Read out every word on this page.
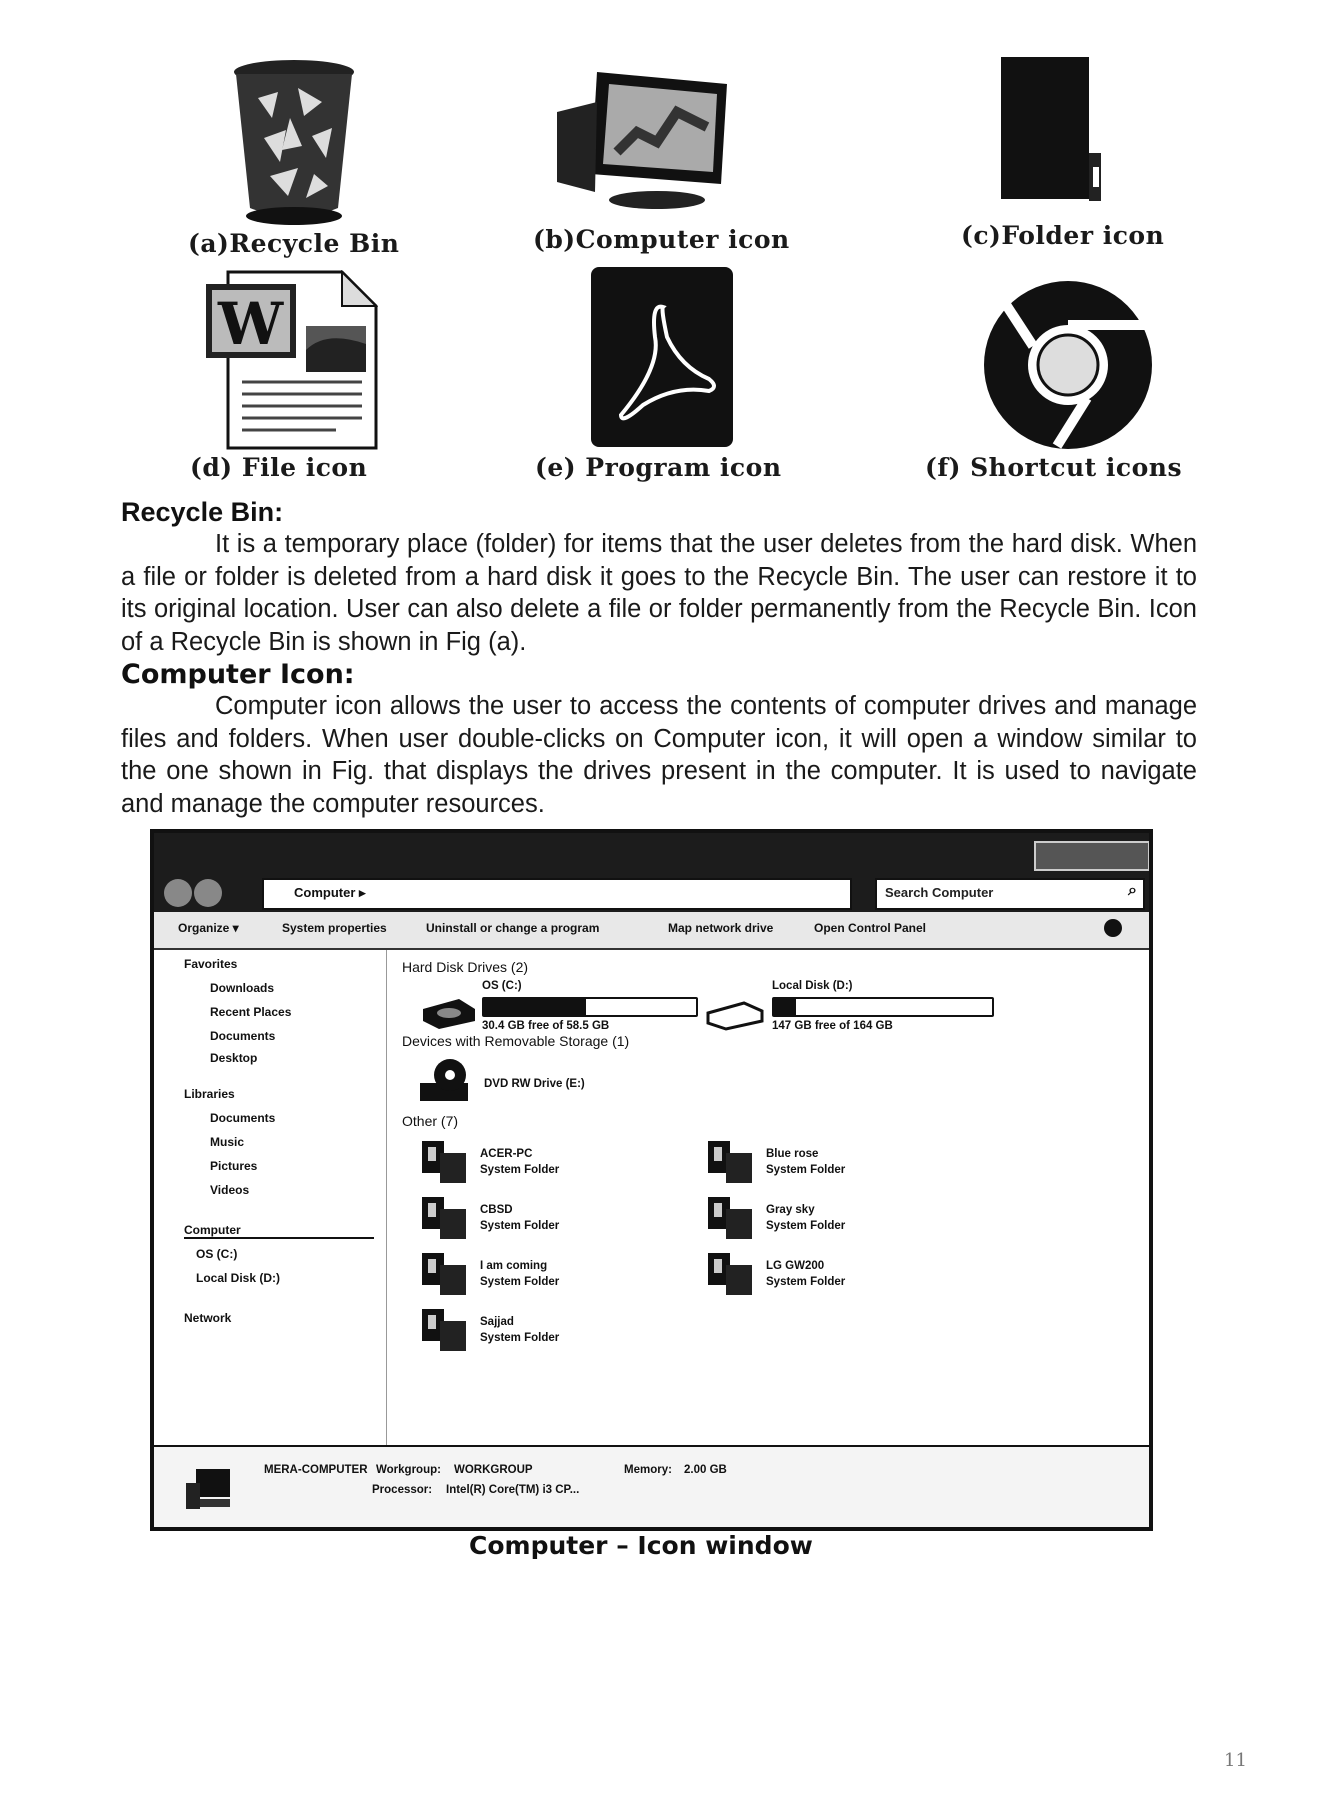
(a)Recycle Bin	(b)Computer icon	(c)Folder icon
W
(d) File icon	(e) Program icon	(f) Shortcut icons
Recycle Bin:
It is a temporary place (folder) for items that the user deletes from the hard disk. When a file or folder is deleted from a hard disk it goes to the Recycle Bin. The user can restore it to its original location. User can also delete a file or folder permanently from the Recycle Bin. Icon of a Recycle Bin is shown in Fig (a).
Computer Icon:
Computer icon allows the user to access the contents of computer drives and manage files and folders. When user double-clicks on Computer icon, it will open a window similar to the one shown in Fig. that displays the drives present in the computer. It is used to navigate and manage the computer resources.
Computer ▸	Search Computer	⌕
Organize ▾	System properties	Uninstall or change a program	Map network drive	Open Control Panel
Favorites
Downloads
Recent Places
Documents
Desktop
Libraries
Documents
Music
Pictures
Videos
Computer
OS (C:)
Local Disk (D:)
Network
Hard Disk Drives (2)
OS (C:)
30.4 GB free of 58.5 GB
Local Disk (D:)
147 GB free of 164 GB
Devices with Removable Storage (1)
DVD RW Drive (E:)
Other (7)
ACER-PC
System Folder
CBSD
System Folder
I am coming
System Folder
Sajjad
System Folder
Blue rose
System Folder
Gray sky
System Folder
LG GW200
System Folder
MERA-COMPUTER Workgroup: WORKGROUP	Memory: 2.00 GB
Processor: Intel(R) Core(TM) i3 CP...
Computer – Icon window
11
